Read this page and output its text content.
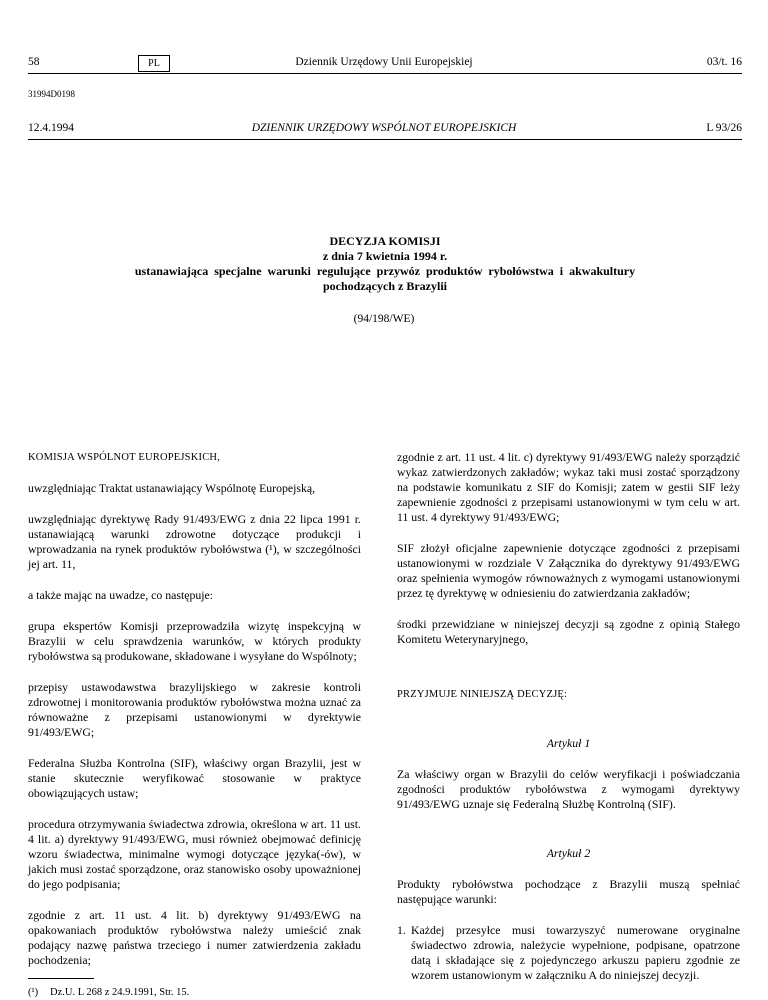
58	PL	Dziennik Urzędowy Unii Europejskiej	03/t. 16
31994D0198
12.4.1994	DZIENNIK URZĘDOWY WSPÓLNOT EUROPEJSKICH	L 93/26
DECYZJA KOMISJI
z dnia 7 kwietnia 1994 r.
ustanawiająca specjalne warunki regulujące przywóz produktów rybołówstwa i akwakultury
pochodzących z Brazylii
(94/198/WE)

KOMISJA WSPÓLNOT EUROPEJSKICH,

uwzględniając Traktat ustanawiający Wspólnotę Europejską,

uwzględniając dyrektywę Rady 91/493/EWG z dnia 22 lipca 1991 r. ustanawiającą warunki zdrowotne dotyczące produkcji i wprowadzania na rynek produktów rybołówstwa (¹), w szczególności jej art. 11,

a także mając na uwadze, co następuje:

grupa ekspertów Komisji przeprowadziła wizytę inspekcyjną w Brazylii w celu sprawdzenia warunków, w których produkty rybołówstwa są produkowane, składowane i wysyłane do Wspólnoty;

przepisy ustawodawstwa brazylijskiego w zakresie kontroli zdrowotnej i monitorowania produktów rybołówstwa można uznać za równoważne z przepisami ustanowionymi w dyrektywie 91/493/EWG;

Federalna Służba Kontrolna (SIF), właściwy organ Brazylii, jest w stanie skutecznie weryfikować stosowanie w praktyce obowiązujących ustaw;

procedura otrzymywania świadectwa zdrowia, określona w art. 11 ust. 4 lit. a) dyrektywy 91/493/EWG, musi również obejmować definicję wzoru świadectwa, minimalne wymogi dotyczące języka(-ów), w jakich musi zostać sporządzone, oraz stanowisko osoby upoważnionej do jego podpisania;

zgodnie z art. 11 ust. 4 lit. b) dyrektywy 91/493/EWG na opakowaniach produktów rybołówstwa należy umieścić znak podający nazwę państwa trzeciego i numer zatwierdzenia zakładu pochodzenia;

(¹)	Dz.U. L 268 z 24.9.1991, Str. 15.

zgodnie z art. 11 ust. 4 lit. c) dyrektywy 91/493/EWG należy sporządzić wykaz zatwierdzonych zakładów; wykaz taki musi zostać sporządzony na podstawie komunikatu z SIF do Komisji; zatem w gestii SIF leży zapewnienie zgodności z przepisami ustanowionymi w tym celu w art. 11 ust. 4 dyrektywy 91/493/EWG;

SIF złożył oficjalne zapewnienie dotyczące zgodności z przepisami ustanowionymi w rozdziale V Załącznika do dyrektywy 91/493/EWG oraz spełnienia wymogów równoważnych z wymogami ustanowionymi przez tę dyrektywę w odniesieniu do zatwierdzania zakładów;

środki przewidziane w niniejszej decyzji są zgodne z opinią Stałego Komitetu Weterynaryjnego,

PRZYJMUJE NINIEJSZĄ DECYZJĘ:

Artykuł 1

Za właściwy organ w Brazylii do celów weryfikacji i poświadczania zgodności produktów rybołówstwa z wymogami dyrektywy 91/493/EWG uznaje się Federalną Służbę Kontrolną (SIF).

Artykuł 2

Produkty rybołówstwa pochodzące z Brazylii muszą spełniać następujące warunki:

1. Każdej przesyłce musi towarzyszyć numerowane oryginalne świadectwo zdrowia, należycie wypełnione, podpisane, opatrzone datą i składające się z pojedynczego arkuszu papieru zgodnie ze wzorem ustanowionym w załączniku A do niniejszej decyzji.
